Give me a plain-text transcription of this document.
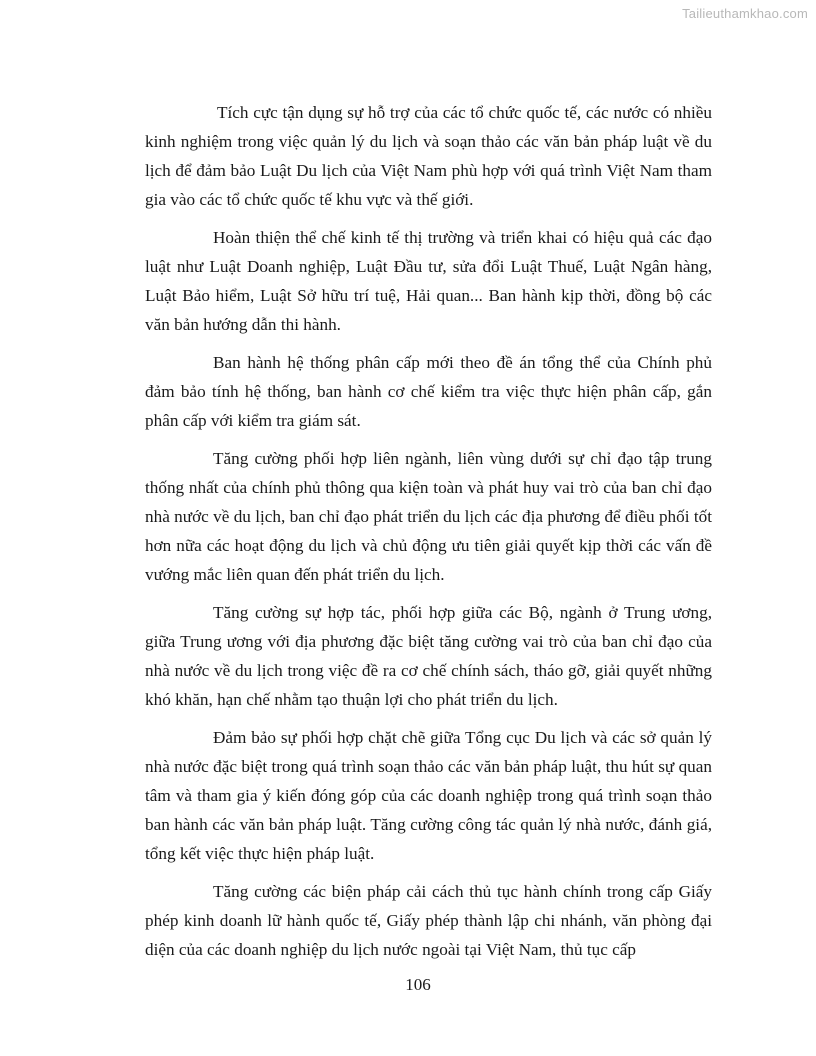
Tailieuthamkhao.com

Tích cực tận dụng sự hỗ trợ của các tổ chức quốc tế, các nước có nhiều kinh nghiệm trong việc quản lý du lịch và soạn thảo các văn bản pháp luật về du lịch để đảm bảo Luật Du lịch của Việt Nam phù hợp với quá trình Việt Nam tham gia vào các tổ chức quốc tế khu vực và thế giới.

Hoàn thiện thể chế kinh tế thị trường và triển khai có hiệu quả các đạo luật như Luật Doanh nghiệp, Luật Đầu tư, sửa đổi Luật Thuế, Luật Ngân hàng, Luật Bảo hiểm, Luật Sở hữu trí tuệ, Hải quan... Ban hành kịp thời, đồng bộ các văn bản hướng dẫn thi hành.

Ban hành hệ thống phân cấp mới theo đề án tổng thể của Chính phủ đảm bảo tính hệ thống, ban hành cơ chế kiểm tra việc thực hiện phân cấp, gắn phân cấp với kiểm tra giám sát.

Tăng cường phối hợp liên ngành, liên vùng dưới sự chỉ đạo tập trung thống nhất của chính phủ thông qua kiện toàn và phát huy vai trò của ban chỉ đạo nhà nước về du lịch, ban chỉ đạo phát triển du lịch các địa phương để điều phối tốt hơn nữa các hoạt động du lịch và chủ động ưu tiên giải quyết kịp thời các vấn đề vướng mắc liên quan đến phát triển du lịch.

Tăng cường sự hợp tác, phối hợp giữa các Bộ, ngành ở Trung ương, giữa Trung ương với địa phương đặc biệt tăng cường vai trò của ban chỉ đạo của nhà nước về du lịch trong việc đề ra cơ chế chính sách, tháo gỡ, giải quyết những khó khăn, hạn chế nhằm tạo thuận lợi cho phát triển du lịch.

Đảm bảo sự phối hợp chặt chẽ giữa Tổng cục Du lịch và các sở quản lý nhà nước đặc biệt trong quá trình soạn thảo các văn bản pháp luật, thu hút sự quan tâm và tham gia ý kiến đóng góp của các doanh nghiệp trong quá trình soạn thảo ban hành các văn bản pháp luật. Tăng cường công tác quản lý nhà nước, đánh giá, tổng kết việc thực hiện pháp luật.

Tăng cường các biện pháp cải cách thủ tục hành chính trong cấp Giấy phép kinh doanh lữ hành quốc tế, Giấy phép thành lập chi nhánh, văn phòng đại diện của các doanh nghiệp du lịch nước ngoài tại Việt Nam, thủ tục cấp

106
